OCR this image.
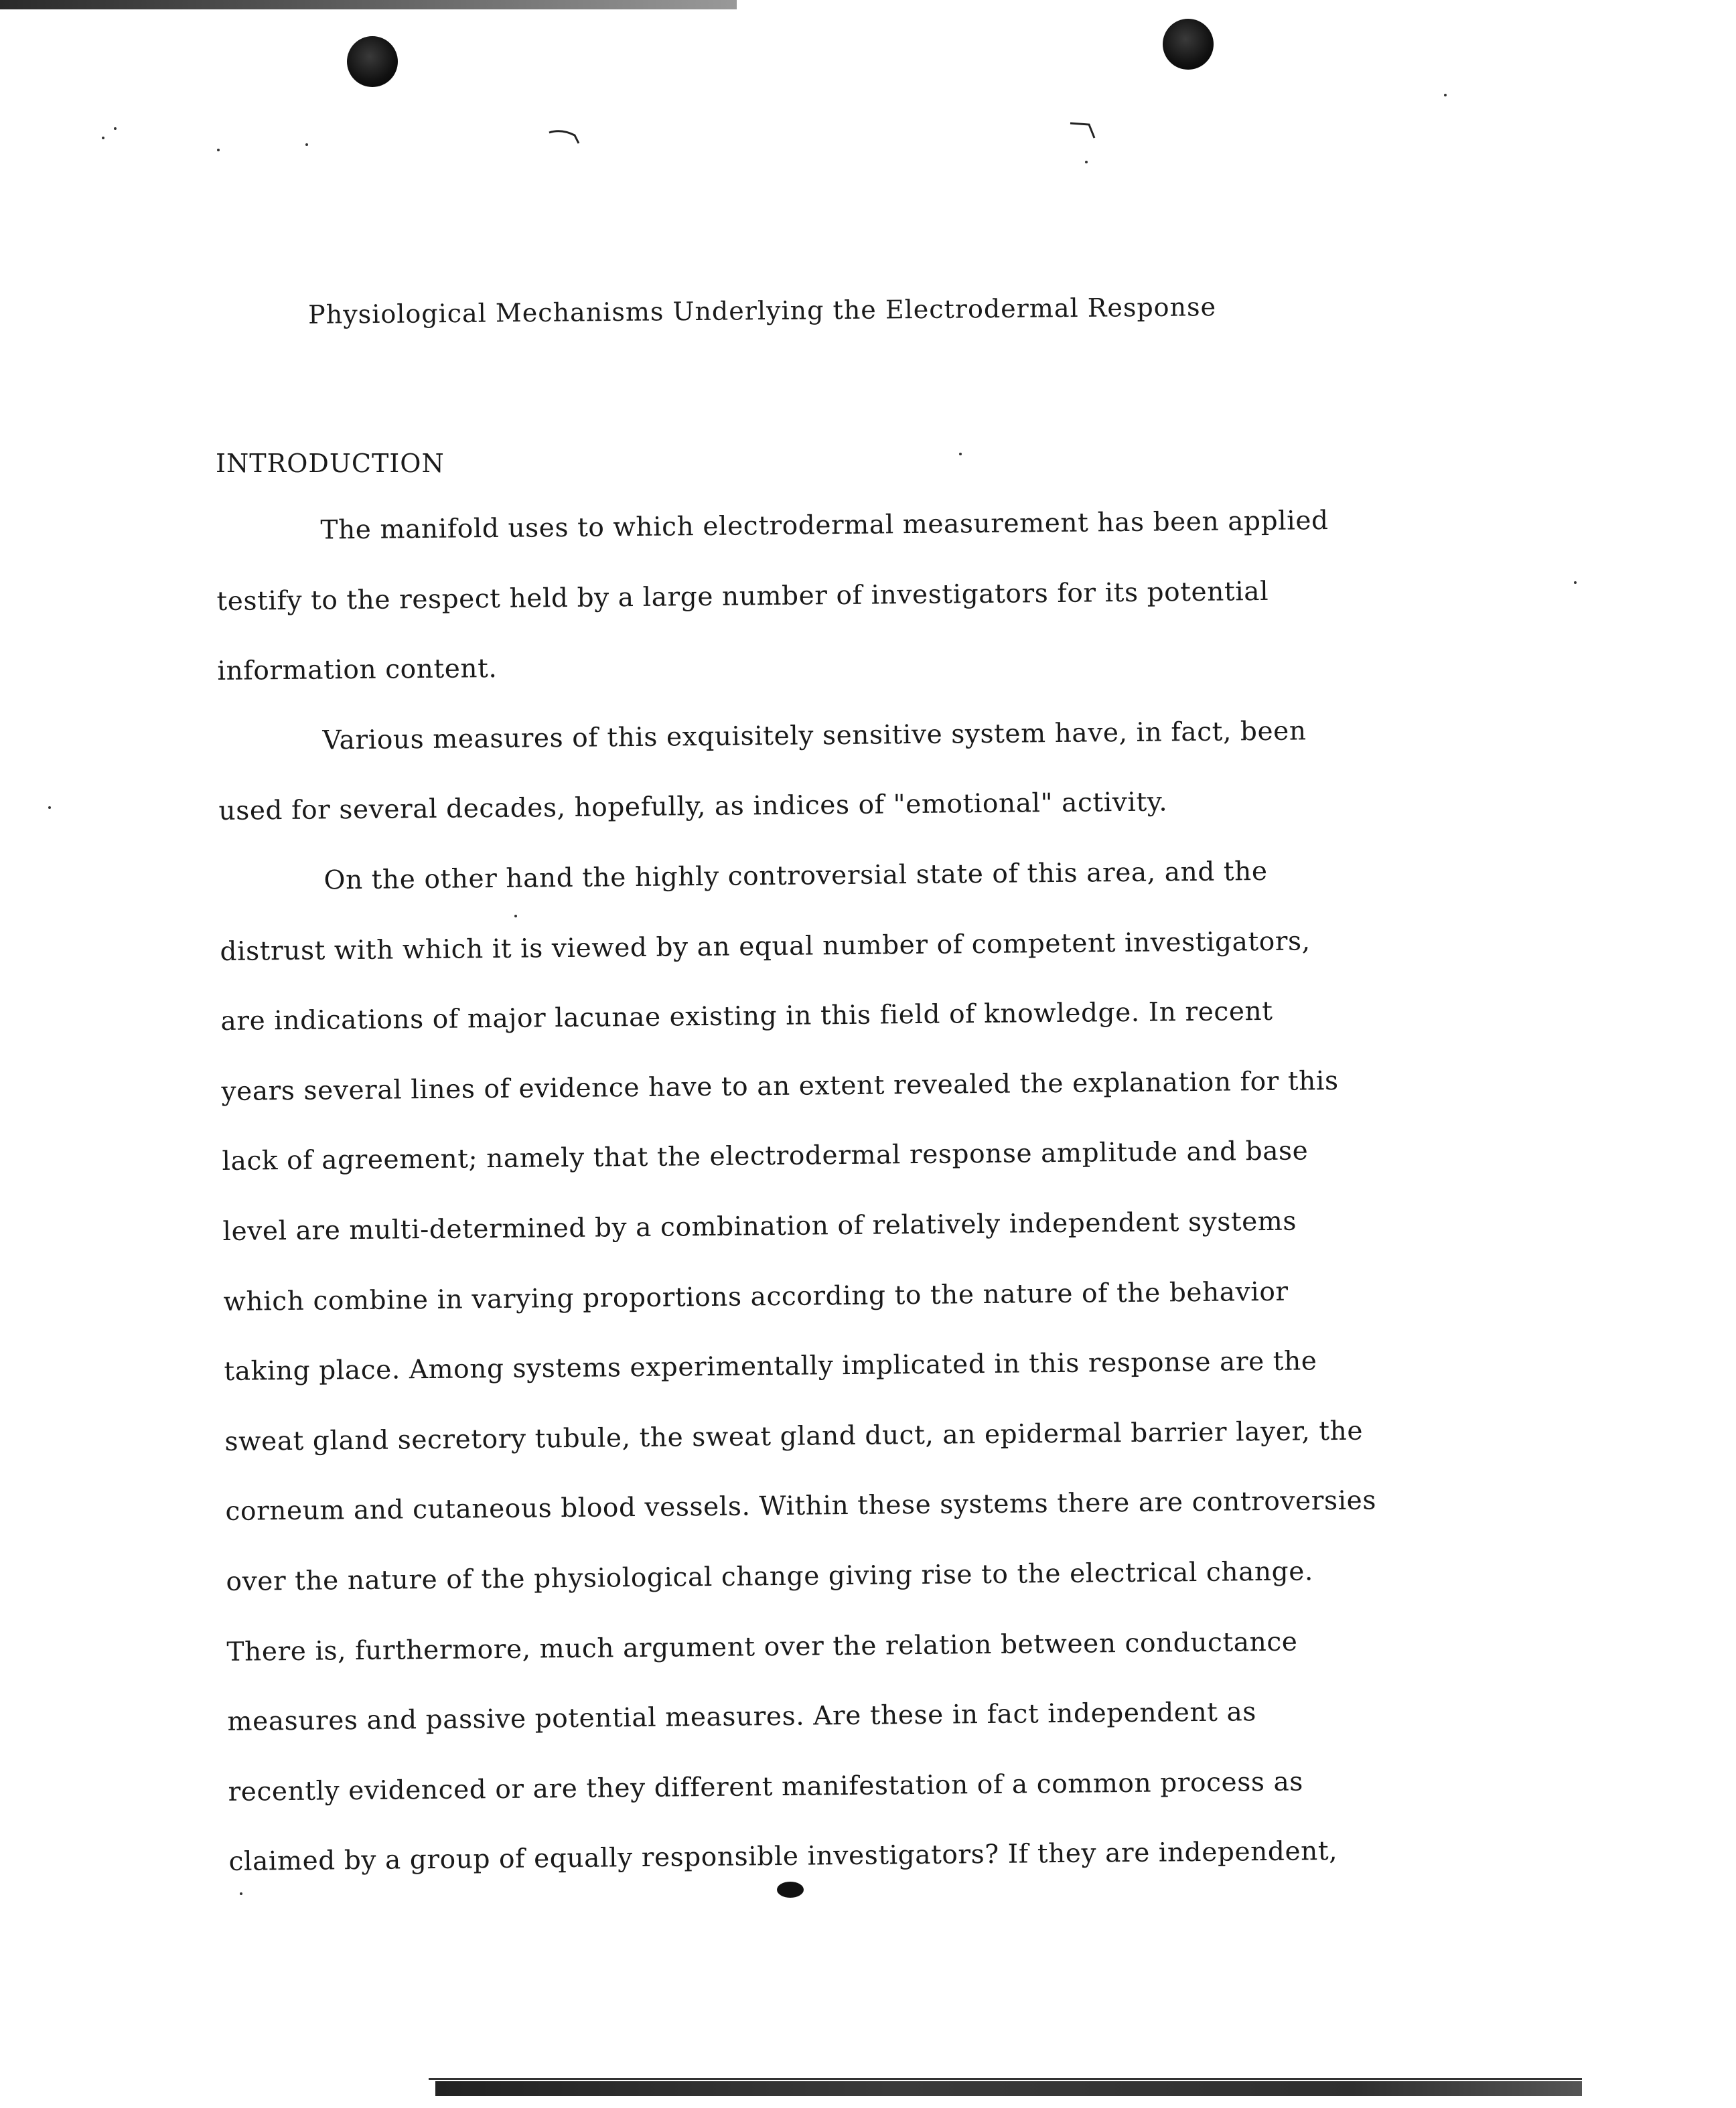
Physiological Mechanisms Underlying the Electrodermal Response
INTRODUCTION
The manifold uses to which electrodermal measurement has been applied
testify to the respect held by a large number of investigators for its potential
information content.
Various measures of this exquisitely sensitive system have, in fact, been
used for several decades, hopefully, as indices of "emotional" activity.
On the other hand the highly controversial state of this area, and the
distrust with which it is viewed by an equal number of competent investigators,
are indications of major lacunae existing in this field of knowledge. In recent
years several lines of evidence have to an extent revealed the explanation for this
lack of agreement; namely that the electrodermal response amplitude and base
level are multi-determined by a combination of relatively independent systems
which combine in varying proportions according to the nature of the behavior
taking place. Among systems experimentally implicated in this response are the
sweat gland secretory tubule, the sweat gland duct, an epidermal barrier layer, the
corneum and cutaneous blood vessels. Within these systems there are controversies
over the nature of the physiological change giving rise to the electrical change.
There is, furthermore, much argument over the relation between conductance
measures and passive potential measures. Are these in fact independent as
recently evidenced or are they different manifestation of a common process as
claimed by a group of equally responsible investigators? If they are independent,
